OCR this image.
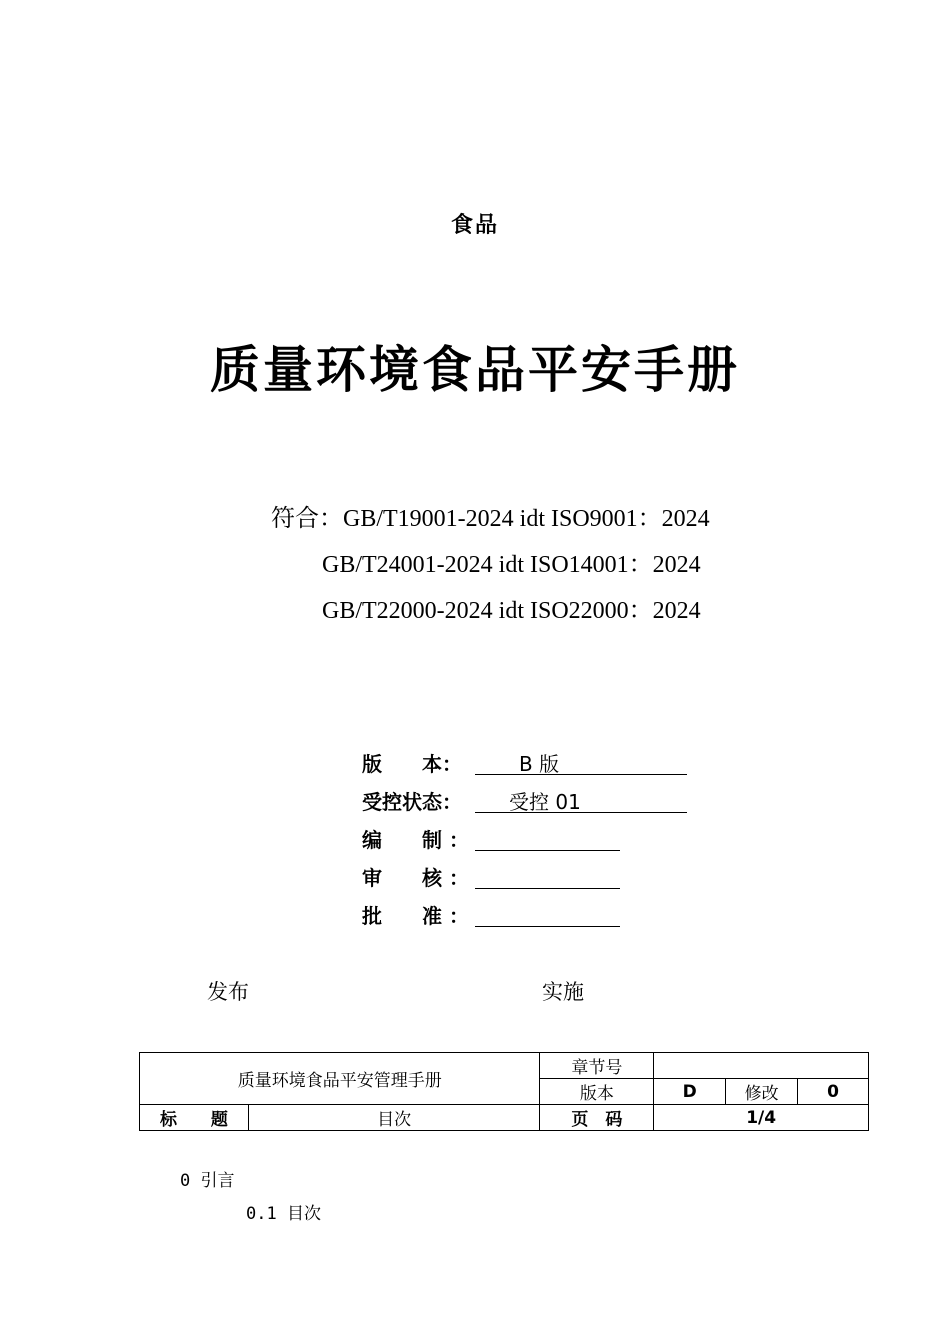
食品
质量环境食品平安手册
符合：GB/T19001-2024 idt ISO9001：2024
GB/T24001-2024 idt ISO14001：2024
GB/T22000-2024 idt ISO22000：2024
版　　本：	B 版
受控状态： 受控 01
编　　制 ：
审　　核 ：
批　　准 ：
发布	实施
质量环境食品平安管理手册		章节号			
		版本	D	修改	0
标　　题	目次	页　码	1/4		
0 引言
0.1 目次
